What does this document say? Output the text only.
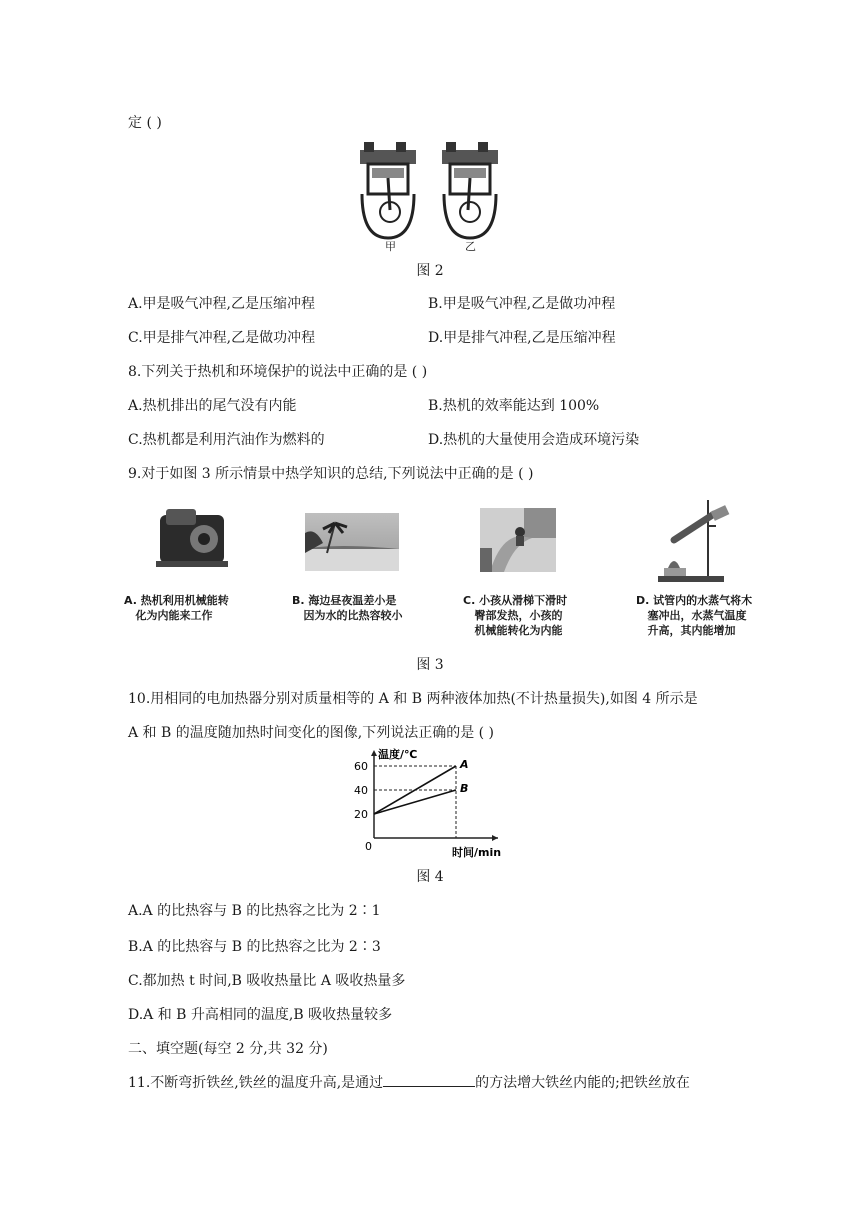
定 ( )
甲	乙
图 2
A.甲是吸气冲程,乙是压缩冲程	B.甲是吸气冲程,乙是做功冲程
C.甲是排气冲程,乙是做功冲程	D.甲是排气冲程,乙是压缩冲程
8.下列关于热机和环境保护的说法中正确的是 ( )
A.热机排出的尾气没有内能	B.热机的效率能达到 100%
C.热机都是利用汽油作为燃料的	D.热机的大量使用会造成环境污染
9.对于如图 3 所示情景中热学知识的总结,下列说法中正确的是 ( )
A. 热机利用机械能转
化为内能来工作
B. 海边昼夜温差小是
因为水的比热容较小
C. 小孩从滑梯下滑时
臀部发热，小孩的
机械能转化为内能
D. 试管内的水蒸气将木
塞冲出，水蒸气温度
升高，其内能增加
图 3
10.用相同的电加热器分别对质量相等的 A 和 B 两种液体加热(不计热量损失),如图 4 所示是
A 和 B 的温度随加热时间变化的图像,下列说法正确的是 ( )
温度/℃
时间/min
0
20
40
60	A
B
图 4
A.A 的比热容与 B 的比热容之比为 2∶1
B.A 的比热容与 B 的比热容之比为 2∶3
C.都加热 t 时间,B 吸收热量比 A 吸收热量多
D.A 和 B 升高相同的温度,B 吸收热量较多
二、填空题(每空 2 分,共 32 分)
11.不断弯折铁丝,铁丝的温度升高,是通过	的方法增大铁丝内能的;把铁丝放在
